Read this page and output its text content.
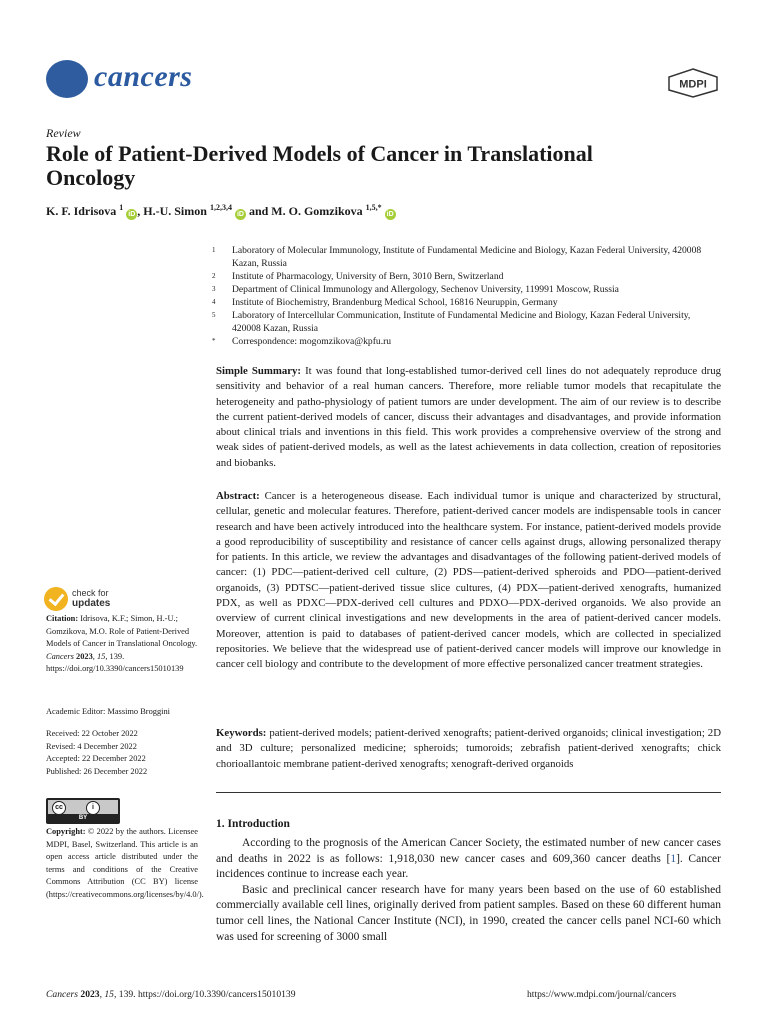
cancers	MDPI
Review
Role of Patient-Derived Models of Cancer in Translational Oncology
K. F. Idrisova $^1$ iD , H.-U. Simon $^{1,2,3,4}$ iD and M. O. Gomzikova $^{1,5,*}$ iD
1	Laboratory of Molecular Immunology, Institute of Fundamental Medicine and Biology, Kazan Federal University, 420008 Kazan, Russia
2	Institute of Pharmacology, University of Bern, 3010 Bern, Switzerland
3	Department of Clinical Immunology and Allergology, Sechenov University, 119991 Moscow, Russia
4	Institute of Biochemistry, Brandenburg Medical School, 16816 Neuruppin, Germany
5	Laboratory of Intercellular Communication, Institute of Fundamental Medicine and Biology, Kazan Federal University, 420008 Kazan, Russia
*	Correspondence: mogomzikova@kpfu.ru
Simple Summary: It was found that long-established tumor-derived cell lines do not adequately reproduce drug sensitivity and behavior of a real human cancers. Therefore, more reliable tumor models that recapitulate the heterogeneity and patho-physiology of patient tumors are under development. The aim of our review is to describe the current patient-derived models of cancer, discuss their advantages and disadvantages, and provide information about clinical trials and inventions in this field. This work provides a comprehensive overview of the strong and weak sides of patient-derived models, as well as the latest achievements in data collection, creation of repositories and biobanks.
Abstract: Cancer is a heterogeneous disease. Each individual tumor is unique and characterized by structural, cellular, genetic and molecular features. Therefore, patient-derived cancer models are indispensable tools in cancer research and have been actively introduced into the healthcare system. For instance, patient-derived models provide a good reproducibility of susceptibility and resistance of cancer cells against drugs, allowing personalized therapy for patients. In this article, we review the advantages and disadvantages of the following patient-derived models of cancer: (1) PDC—patient-derived cell culture, (2) PDS—patient-derived spheroids and PDO—patient-derived organoids, (3) PDTSC—patient-derived tissue slice cultures, (4) PDX—patient-derived xenografts, humanized PDX, as well as PDXC—PDX-derived cell cultures and PDXO—PDX-derived organoids. We also provide an overview of current clinical investigations and new developments in the area of patient-derived cancer models. Moreover, attention is paid to databases of patient-derived cancer models, which are collected in specialized repositories. We believe that the widespread use of patient-derived cancer models will improve our knowledge in cancer cell biology and contribute to the development of more effective personalized cancer treatment strategies.
Keywords: patient-derived models; patient-derived xenografts; patient-derived organoids; clinical investigation; 2D and 3D culture; personalized medicine; spheroids; tumoroids; zebrafish patient-derived xenografts; chick chorioallantoic membrane patient-derived xenografts; xenograft-derived organoids
1. Introduction

According to the prognosis of the American Cancer Society, the estimated number of new cancer cases and deaths in 2022 is as follows: 1,918,030 new cancer cases and 609,360 cancer deaths [1]. Cancer incidences continue to increase each year.

Basic and preclinical cancer research have for many years been based on the use of 60 established commercially available cell lines, originally derived from patient samples. Based on these 60 different human tumor cell lines, the National Cancer Institute (NCI), in 1990, created the cancer cells panel NCI-60 which was used for screening of 3000 small

check for
updates
Citation: Idrisova, K.F.; Simon, H.-U.; Gomzikova, M.O. Role of Patient-Derived Models of Cancer in Translational Oncology. Cancers 2023, 15, 139. https://doi.org/10.3390/cancers15010139
Academic Editor: Massimo Broggini
Received: 22 October 2022
Revised: 4 December 2022
Accepted: 22 December 2022
Published: 26 December 2022
cc	i
BY
Copyright: © 2022 by the authors. Licensee MDPI, Basel, Switzerland. This article is an open access article distributed under the terms and conditions of the Creative Commons Attribution (CC BY) license (https://creativecommons.org/licenses/by/4.0/).
Cancers 2023, 15, 139. https://doi.org/10.3390/cancers15010139	https://www.mdpi.com/journal/cancers
